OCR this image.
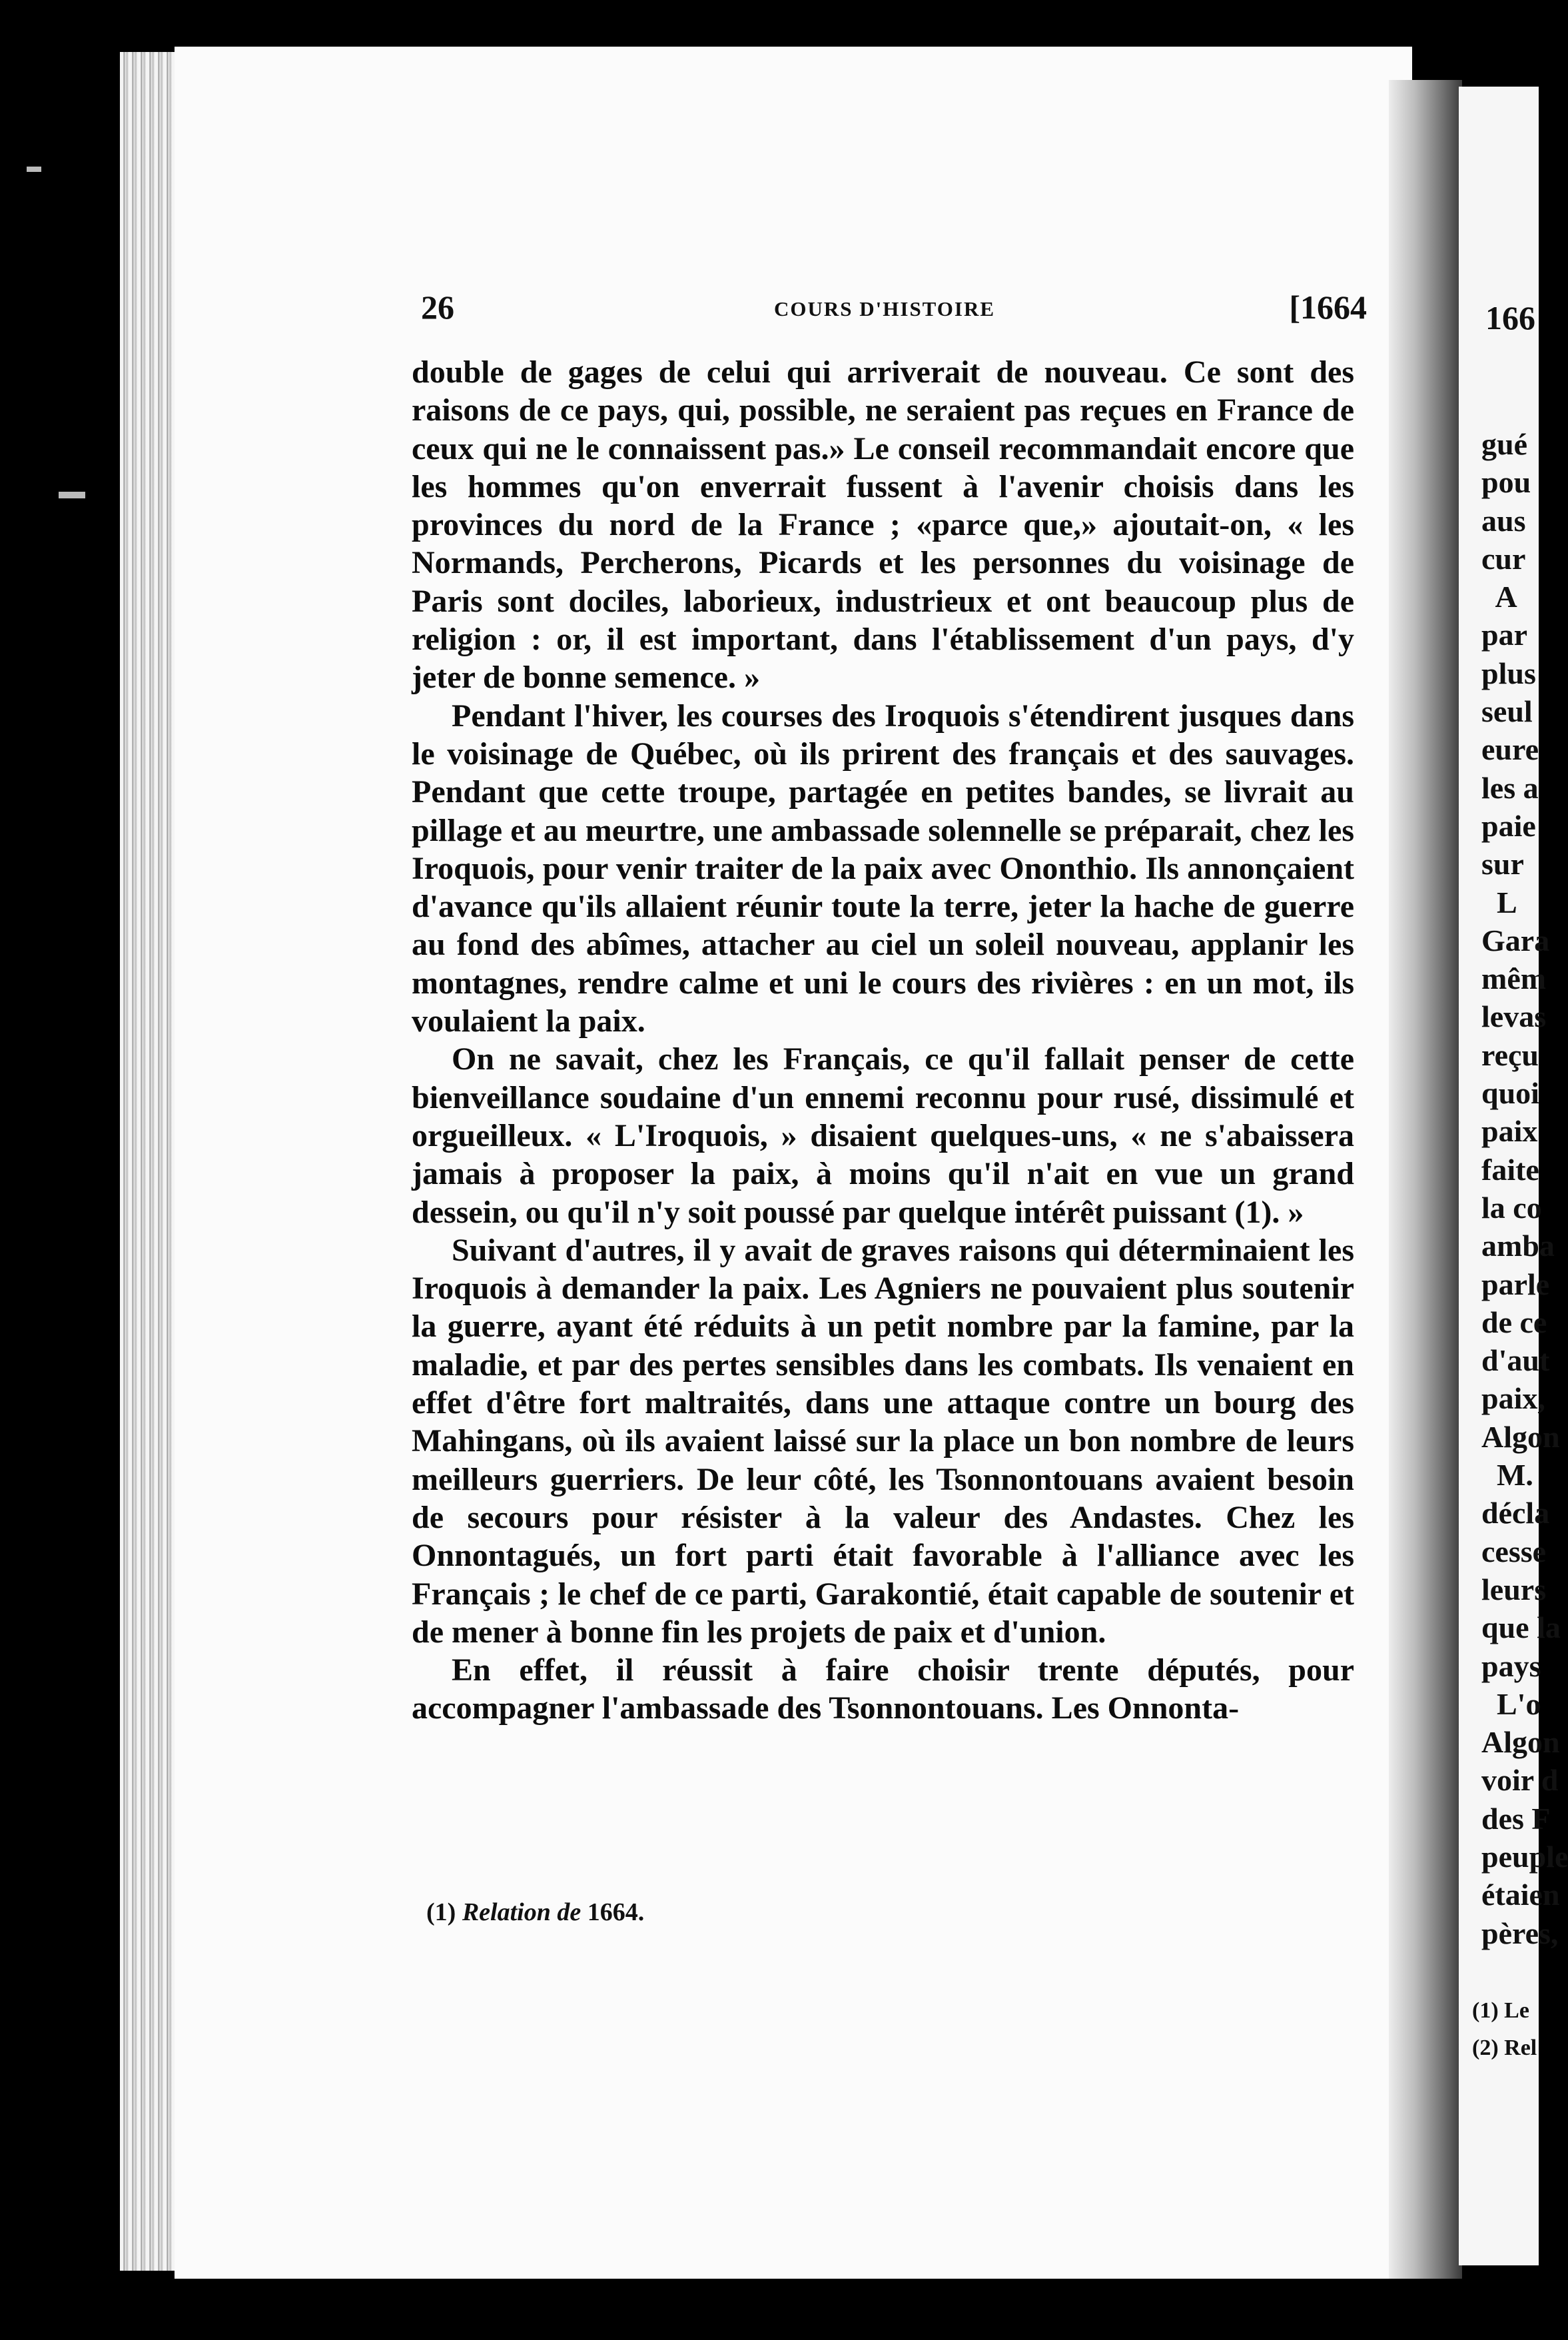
26	COURS D'HISTOIRE	[1664

double de gages de celui qui arriverait de nouveau. Ce sont des raisons de ce pays, qui, possible, ne seraient pas reçues en France de ceux qui ne le connaissent pas.» Le conseil recommandait encore que les hommes qu'on enverrait fussent à l'avenir choisis dans les provinces du nord de la France ; «parce que,» ajoutait-on, « les Normands, Percherons, Picards et les personnes du voisinage de Paris sont dociles, laborieux, industrieux et ont beaucoup plus de religion : or, il est important, dans l'établissement d'un pays, d'y jeter de bonne semence. »

Pendant l'hiver, les courses des Iroquois s'étendirent jusques dans le voisinage de Québec, où ils prirent des français et des sauvages. Pendant que cette troupe, partagée en petites bandes, se livrait au pillage et au meurtre, une ambassade solennelle se préparait, chez les Iroquois, pour venir traiter de la paix avec Ononthio. Ils annonçaient d'avance qu'ils allaient réunir toute la terre, jeter la hache de guerre au fond des abîmes, attacher au ciel un soleil nouveau, applanir les montagnes, rendre calme et uni le cours des rivières : en un mot, ils voulaient la paix.

On ne savait, chez les Français, ce qu'il fallait penser de cette bienveillance soudaine d'un ennemi reconnu pour rusé, dissimulé et orgueilleux. « L'Iroquois, » disaient quelques-uns, « ne s'abaissera jamais à proposer la paix, à moins qu'il n'ait en vue un grand dessein, ou qu'il n'y soit poussé par quelque intérêt puissant (1). »

Suivant d'autres, il y avait de graves raisons qui déterminaient les Iroquois à demander la paix. Les Agniers ne pouvaient plus soutenir la guerre, ayant été réduits à un petit nombre par la famine, par la maladie, et par des pertes sensibles dans les combats. Ils venaient en effet d'être fort maltraités, dans une attaque contre un bourg des Mahingans, où ils avaient laissé sur la place un bon nombre de leurs meilleurs guerriers. De leur côté, les Tsonnontouans avaient besoin de secours pour résister à la valeur des Andastes. Chez les Onnontagués, un fort parti était favorable à l'alliance avec les Français ; le chef de ce parti, Garakontié, était capable de soutenir et de mener à bonne fin les projets de paix et d'union.

En effet, il réussit à faire choisir trente députés, pour accompagner l'ambassade des Tsonnontouans. Les Onnonta-

(1) Relation de 1664.
166
gué
pou
aus
cur
A
par
plus
seul
eure
les a
paie
sur
L
Gara
mêm
levas
reçu
quoi
paix
faite
la co
amba
parle
de ce
d'aut
paix,
Algon
M.
décla
cesse
leurs
que la
pays
L'o
Algon
voir d
des F
peuple
étaien
pères,
(1) Le
(2) Rel
